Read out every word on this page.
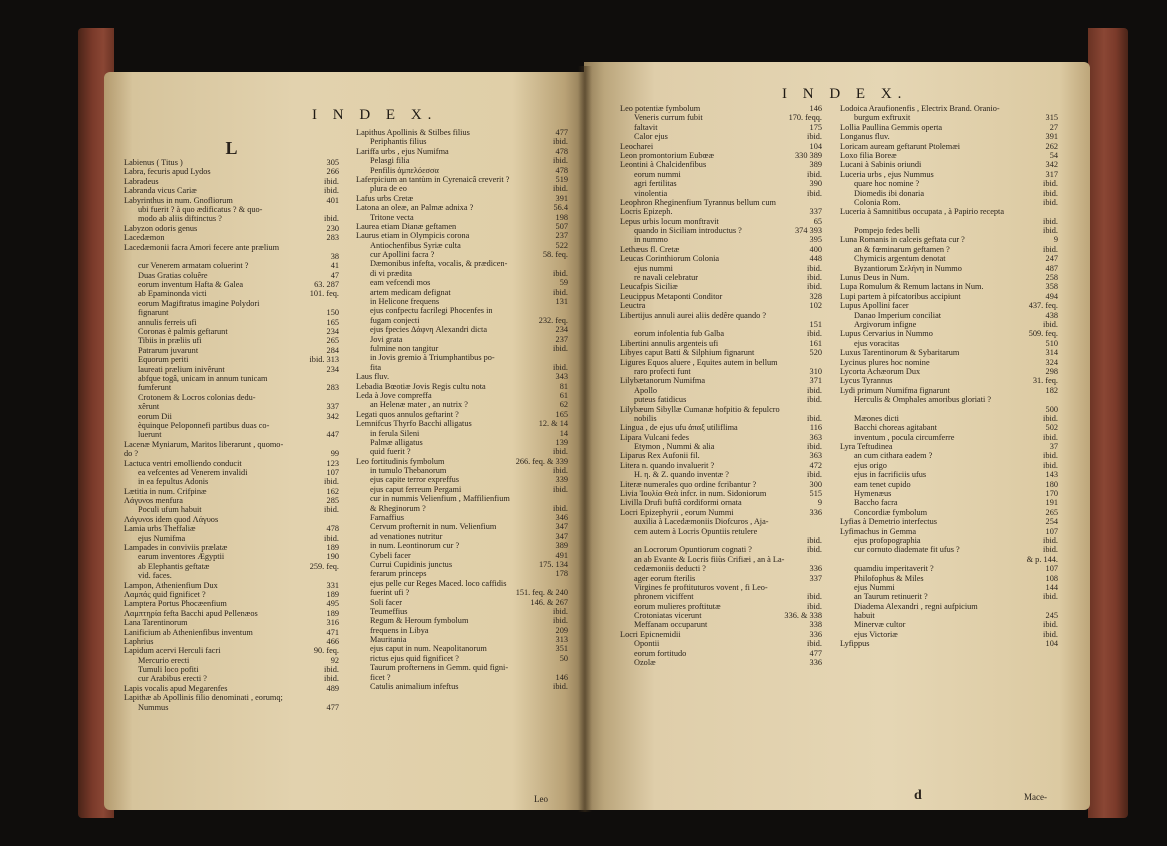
I N D E X.
L
Labienus ( Titus )	305
Labra, fecuris apud Lydos	266
Labradeus	ibid.
Labranda vicus Cariæ	ibid.
Labyrinthus in num. Gnofliorum	401
ubi fuerit ? à quo ædificatus ? & quo-
modo ab aliis diftinctus ?	ibid.
Labyzon odoris genus	230
Lacedæmon	283
Lacedæmonii facra Amori fecere ante prælium
38
cur Venerem armatam coluerint ?	41
Duas Gratias coluêre	47
eorum inventum Hafta & Galea	63. 287
ab Epaminonda victi	101. feq.
eorum Magiftratus imagine Polydori
fignarunt	150
annulis ferreis ufi	165
Coronas è palmis geftarunt	234
Tibiis in præliis ufi	265
Patrarum juvarunt	284
Equorum periti	ibid. 313
laureati prælium inivêrunt	234
abfque togâ, unicam in annum tunicam
fumferunt	283
Crotonem & Locros colonias dedu-
xêrunt	337
eorum Dii	342
èquinque Peloponnefi partibus duas co-
luerunt	447
Lacenæ Myniarum, Maritos liberarunt , quomo-
do ?	99
Lactuca ventri emolliendo conducit	123
ea vefcentes ad Venerem invalidi	107
in ea fepultus Adonis	ibid.
Lætitia in num. Crifpinæ	162
Λάγυνοs menfura	285
Poculi ufum habuit	ibid.
Λάγυνοs idem quod Λάγυοs
Lamia urbs Theffaliæ	478
ejus Numifma	ibid.
Lampades in conviviis prælatæ	189
earum inventores Ægyptii	190
ab Elephantis geftatæ	259. feq.
vid. faces.
Lampon, Athenienfium Dux	331
Λαμπάς quid fignificet ?	189
Lamptera Portus Phocæenfium	495
Λαμπτηρία fefta Bacchi apud Pellenæos	189
Lana Tarentinorum	316
Lanificium ab Athenienfibus inventum	471
Laphrius	466
Lapidum acervi Herculi facri	90. feq.
Mercurio erecti	92
Tumuli loco pofiti	ibid.
cur Arabibus erecti ?	ibid.
Lapis vocalis apud Megarenfes	489
Lapithæ ab Apollinis filio denominati , eorumq;
Nummus	477
Lapithus Apollinis & Stilbes filius	477
Periphantis filius	ibid.
Lariffa urbs , ejus Numifma	478
Pelasgi filia	ibid.
Penfilis ἀμπελόεσσα	478
Laferpicium an tantùm in Cyrenaicâ creverit ?	519
plura de eo	ibid.
Lafus urbs Cretæ	391
Latona an oleæ, an Palmæ adnixa ?	56.4
Tritone vecta	198
Laurea etiam Dianæ geftamen	507
Laurus etiam in Olympicis corona	237
Antiochenfibus Syriæ culta	522
cur Apollini facra ?	58. feq.
Dæmonibus infefta, vocalis, & prædicen-
di vi prædita	ibid.
eam vefcendi mos	59
artem medicam defignat	ibid.
in Helicone frequens	131
ejus confpectu facrilegi Phocenfes in
fugam conjecti	232. feq.
ejus fpecies Δάφνη Alexandri dicta	234
Jovi grata	237
fulmine non tangitur	ibid.
in Jovis gremio à Triumphantibus po-
fita	ibid.
Laus fluv.	343
Lebadia Bœotiæ Jovis Regis cultu nota	81
Leda à Jove compreffa	61
an Helenæ mater , an nutrix ?	62
Legati quos annulos geftarint ?	165
Lemnifcus Thyrfo Bacchi alligatus	12. & 14
in ferula Sileni	14
Palmæ alligatus	139
quid fuerit ?	ibid.
Leo fortitudinis fymbolum	266. feq. & 339
in tumulo Thebanorum	ibid.
ejus capite terror expreffus	339
ejus caput ferreum Pergami	ibid.
cur in nummis Velienfium , Maffilienfium
& Rheginorum ?	ibid.
Farnaffius	346
Cervum profternit in num. Velienfium	347
ad venationes nutritur	347
in num. Leontinorum cur ?	389
Cybeli facer	491
Currui Cupidinis junctus	175. 134
ferarum princeps	178
ejus pelle cur Reges Maced. loco caffidis
fuerint ufi ?	151. feq. & 240
Soli facer	146. & 267
Teumeffius	ibid.
Regum & Heroum fymbolum	ibid.
frequens in Libya	209
Mauritania	313
ejus caput in num. Neapolitanorum	351
rictus ejus quid fignificet ?	50
Taurum profternens in Gemm. quid figni-
ficet ?	146
Catulis animalium infeftus	ibid.
Leo
I N D E X.
Leo potentiæ fymbolum	146
Veneris currum fubit	170. feqq.
faltavit	175
Calor ejus	ibid.
Leocharei	104
Leon promontorium Eubœæ	330 389
Leontini à Chalcidenfibus	389
eorum nummi	ibid.
agri fertilitas	390
vinolentia	ibid.
Leophron Rheginenfium Tyrannus bellum cum
Locris Epizeph.	337
Lepus urbis locum monftravit	65
quando in Siciliam introductus ?	374 393
in nummo	395
Lethæus fl. Cretæ	400
Leucas Corinthiorum Colonia	448
ejus nummi	ibid.
re navali celebratur	ibid.
Leucafpis Siciliæ	ibid.
Leucippus Metaponti Conditor	328
Leuctra	102
Libertijus annuli aurei aliis dedêre quando ?
151
eorum infolentia fub Galba	ibid.
Libertini annulis argenteis ufi	161
Libyes caput Batti & Silphium fignarunt	520
Ligures Equos aluere , Equites autem in bellum
raro profecti funt	310
Lilybætanorum Numifma	371
Apollo	ibid.
puteus fatidicus	ibid.
Lilybæum Sibyllæ Cumanæ hofpitio & fepulcro
nobilis	ibid.
Lingua , de ejus ufu ἁπαξ utiliflima	116
Lipara Vulcani fedes	363
Etymon , Nummi & alia	ibid.
Liparus Rex Aufonii fil.	363
Litera n. quando invaluerit ?	472
H. η. & Z. quando inventæ ?	ibid.
Literæ numerales quo ordine fcribantur ?	300
Livia Ἰουλία Θεὰ infcr. in num. Sidoniorum	515
Livilla Drufi buftâ cordiformi ornata	9
Locri Epizephyrii , eorum Nummi	336
auxilia à Lacedæmoniis Diofcuros , Aja-
cem autem à Locris Opuntiis retulere
ibid.
an Locrorum Opuntiorum cognati ?	ibid.
an ab Evante & Locris fiiùs Crifiæi , an à La-
cedæmoniis deducti ?	336
ager eorum fterilis	337
Virgines fe proftituturos vovent , fi Leo-
phronem viciffent	ibid.
eorum mulieres proftitutæ	ibid.
Crotoniatas vicerunt	336. & 338
Meffanam occuparunt	338
Locri Epicnemidii	336
Opontii	ibid.
eorum fortitudo	477
Ozolæ	336
Lodoica Araufionenfis , Electrix Brand. Oranio-
burgum exftruxit	315
Lollia Paullina Gemmis operta	27
Longanus fluv.	391
Loricam auream geftarunt Ptolemæi	262
Loxo filia Boreæ	54
Lucani à Sabinis oriundi	342
Luceria urbs , ejus Nummus	317
quare hoc nomine ?	ibid.
Diomedis ibi donaria	ibid.
Colonia Rom.	ibid.
Luceria à Samnitibus occupata , à Papirio recepta
ibid.
Pompejo fedes belli	ibid.
Luna Romanis in calceis geftata cur ?	9
an & fœminarum geftamen ?	ibid.
Chymicis argentum denotat	247
Byzantiorum Σελήνη in Nummo	487
Lunus Deus in Num.	258
Lupa Romulum & Remum lactans in Num.	358
Lupi partem à pifcatoribus accipiunt	494
Lupus Apollini facer	437. feq.
Danao Imperium conciliat	438
Argivorum infigne	ibid.
Lupus Cervarius in Nummo	509. feq.
ejus voracitas	510
Luxus Tarentinorum & Sybaritarum	314
Lycinus plures hoc nomine	324
Lycorta Achæorum Dux	298
Lycus Tyrannus	31. feq.
Lydi primum Numifma fignarunt	182
Herculis & Omphales amoribus gloriati ?
500
Mæones dicti	ibid.
Bacchi choreas agitabant	502
inventum , pocula circumferre	ibid.
Lyra Teftudinea	37
an cum cithara eadem ?	ibid.
ejus origo	ibid.
ejus in facrificiis ufus	143
eam tenet cupido	180
Hymenæus	170
Baccho facra	191
Concordiæ fymbolum	265
Lyfias à Demetrio interfectus	254
Lyfimachus in Gemma	107
ejus profopographia	ibid.
cur cornuto diademate fit ufus ?	ibid.
& p. 144.
quamdiu imperitaverit ?	107
Philofophus & Miles	108
ejus Nummi	144
an Taurum retinuerit ?	ibid.
Diadema Alexandri , regni aufpicium
habuit	245
Minervæ cultor	ibid.
ejus Victoriæ	ibid.
Lyfippus	104
d	Mace-
